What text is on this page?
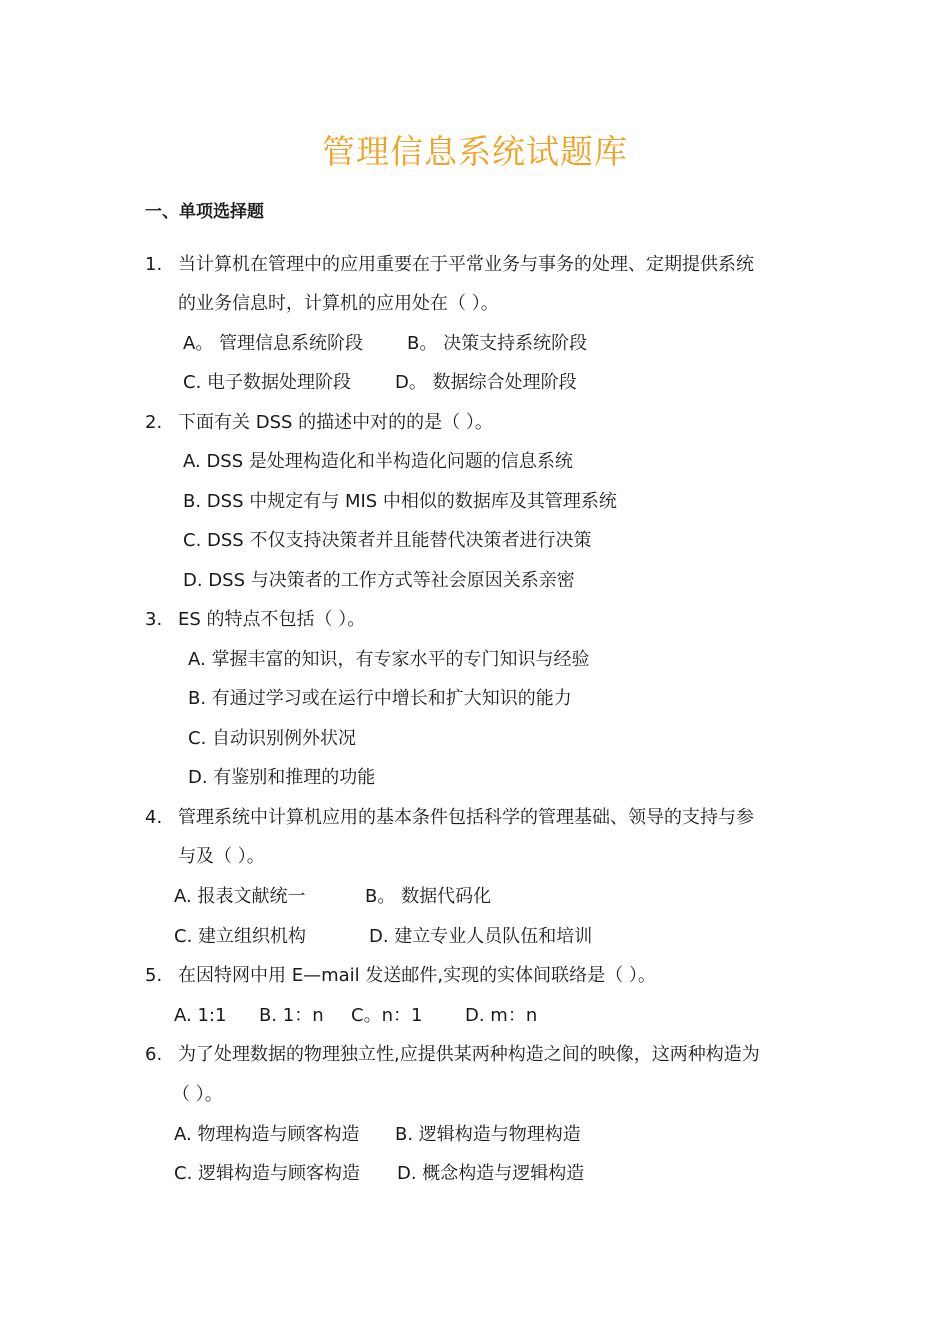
管理信息系统试题库
一、单项选择题
1. 当计算机在管理中的应用重要在于平常业务与事务的处理、定期提供系统
的业务信息时，计算机的应用处在（ ）。
A。 管理信息系统阶段 B。 决策支持系统阶段
C. 电子数据处理阶段 D。 数据综合处理阶段
2. 下面有关 DSS 的描述中对的的是（ ）。
A. DSS 是处理构造化和半构造化问题的信息系统
B. DSS 中规定有与 MIS 中相似的数据库及其管理系统
C. DSS 不仅支持决策者并且能替代决策者进行决策
D. DSS 与决策者的工作方式等社会原因关系亲密
3. ES 的特点不包括（ ）。
A. 掌握丰富的知识，有专家水平的专门知识与经验
B. 有通过学习或在运行中增长和扩大知识的能力
C. 自动识别例外状况
D. 有鉴别和推理的功能
4. 管理系统中计算机应用的基本条件包括科学的管理基础、领导的支持与参
与及（ ）。
A. 报表文献统一	B。 数据代码化
C. 建立组织机构	D. 建立专业人员队伍和培训
5. 在因特网中用 E—mail 发送邮件,实现的实体间联络是（ ）。
A. 1:1 B. 1：n C。n：1 D. m：n
6. 为了处理数据的物理独立性,应提供某两种构造之间的映像，这两种构造为
（ ）。
A. 物理构造与顾客构造 B. 逻辑构造与物理构造
C. 逻辑构造与顾客构造 D. 概念构造与逻辑构造
